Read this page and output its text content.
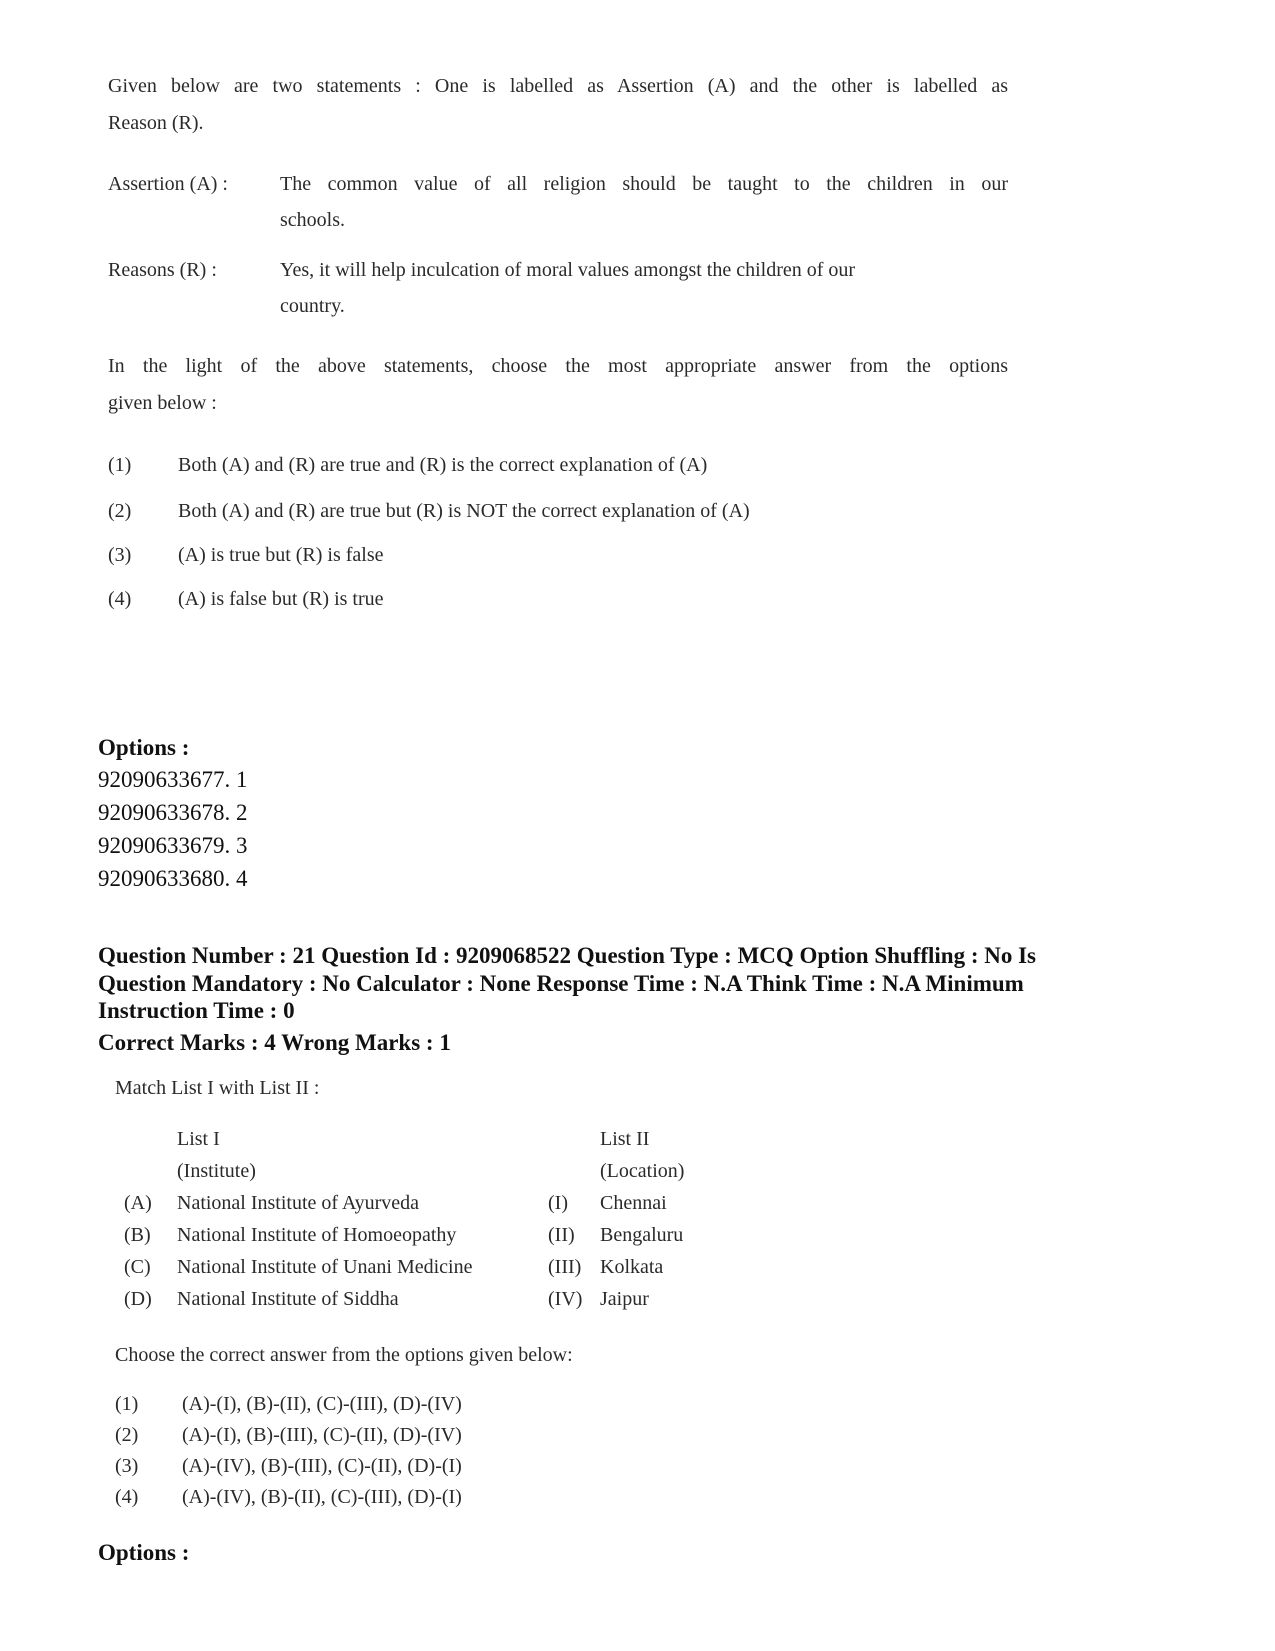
Given below are two statements : One is labelled as Assertion (A) and the other is labelled as
Reason (R).
Assertion (A) :	The common value of all religion should be taught to the children in our
schools.
Reasons (R) :	Yes, it will help inculcation of moral values amongst the children of our
country.
In the light of the above statements, choose the most appropriate answer from the options
given below :
(1) Both (A) and (R) are true and (R) is the correct explanation of (A)
(2) Both (A) and (R) are true but (R) is NOT the correct explanation of (A)
(3) (A) is true but (R) is false
(4) (A) is false but (R) is true
Options :
92090633677. 1
92090633678. 2
92090633679. 3
92090633680. 4
Question Number : 21 Question Id : 9209068522 Question Type : MCQ Option Shuffling : No Is
Question Mandatory : No Calculator : None Response Time : N.A Think Time : N.A Minimum
Instruction Time : 0
Correct Marks : 4 Wrong Marks : 1
Match List I with List II :
List I
(Institute)
List II
(Location)
(A) National Institute of Ayurveda	(I) Chennai
(B) National Institute of Homoeopathy	(II) Bengaluru
(C) National Institute of Unani Medicine	(III) Kolkata
(D) National Institute of Siddha	(IV) Jaipur
Choose the correct answer from the options given below:
(1) (A)-(I), (B)-(II), (C)-(III), (D)-(IV)
(2) (A)-(I), (B)-(III), (C)-(II), (D)-(IV)
(3) (A)-(IV), (B)-(III), (C)-(II), (D)-(I)
(4) (A)-(IV), (B)-(II), (C)-(III), (D)-(I)
Options :
